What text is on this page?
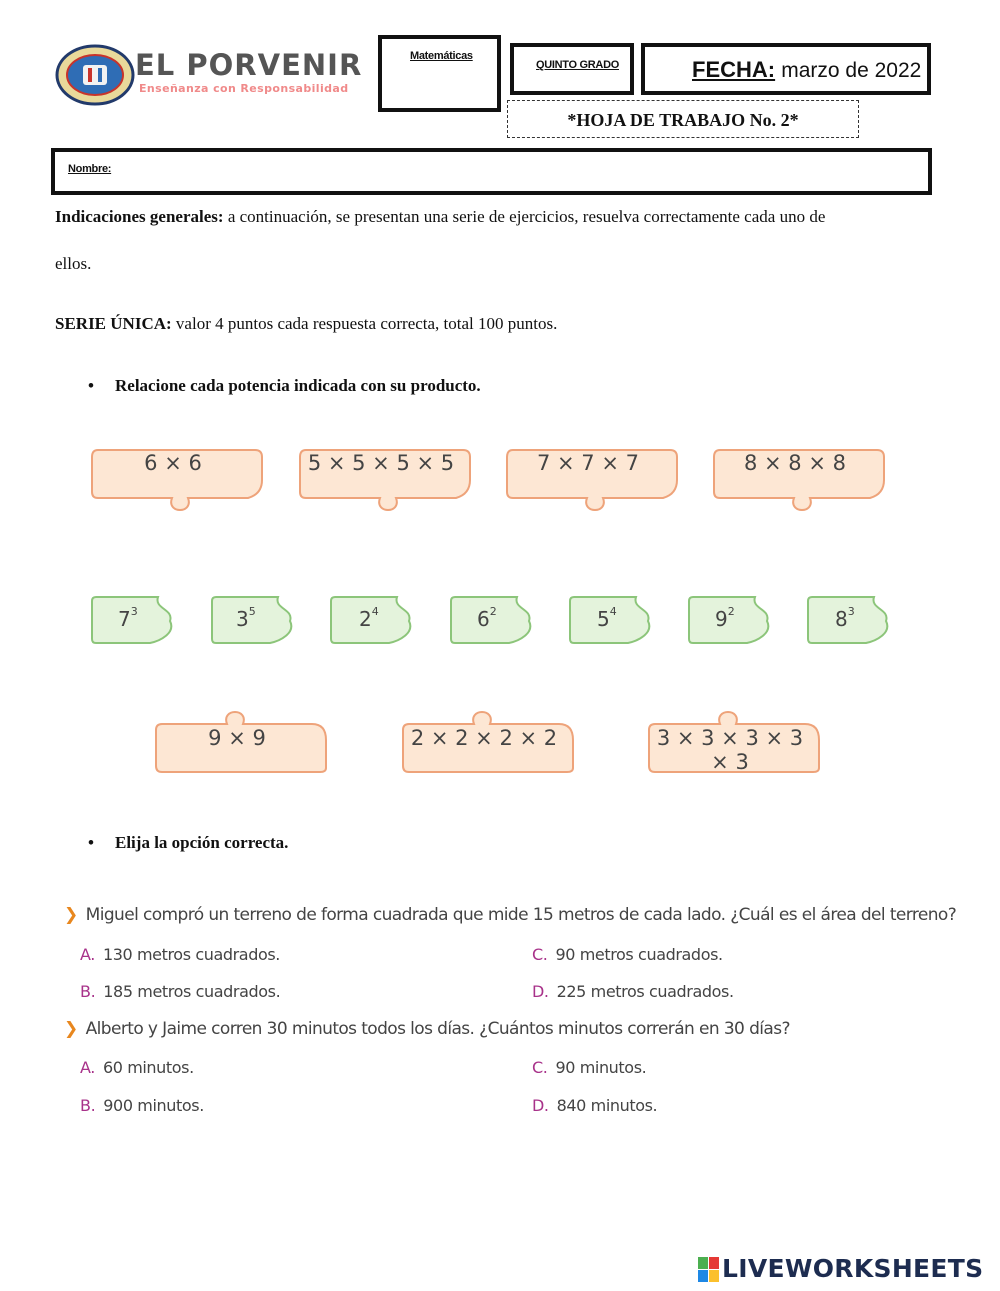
EL PORVENIR
Enseñanza con Responsabilidad
Matemáticas
QUINTO GRADO	FECHA: marzo de 2022
*HOJA DE TRABAJO No. 2*
Nombre:
Indicaciones generales: a continuación, se presentan una serie de ejercicios, resuelva correctamente cada uno de
ellos.
SERIE ÚNICA: valor 4 puntos cada respuesta correcta, total 100 puntos.
• Relacione cada potencia indicada con su producto.
6 × 6	5 × 5 × 5 × 5	7 × 7 × 7	8 × 8 × 8
$7^3$	$3^5$	$2^4$	$6^2$	$5^4$	$9^2$	$8^3$
9 × 9	2 × 2 × 2 × 2	3 × 3 × 3 × 3 × 3
• Elija la opción correcta.
❯ Miguel compró un terreno de forma cuadrada que mide 15 metros de cada lado. ¿Cuál es el área del terreno?
A. 130 metros cuadrados.	C. 90 metros cuadrados.
B. 185 metros cuadrados.	D. 225 metros cuadrados.
❯ Alberto y Jaime corren 30 minutos todos los días. ¿Cuántos minutos correrán en 30 días?
A. 60 minutos.	C. 90 minutos.
B. 900 minutos.	D. 840 minutos.
LIVEWORKSHEETS
